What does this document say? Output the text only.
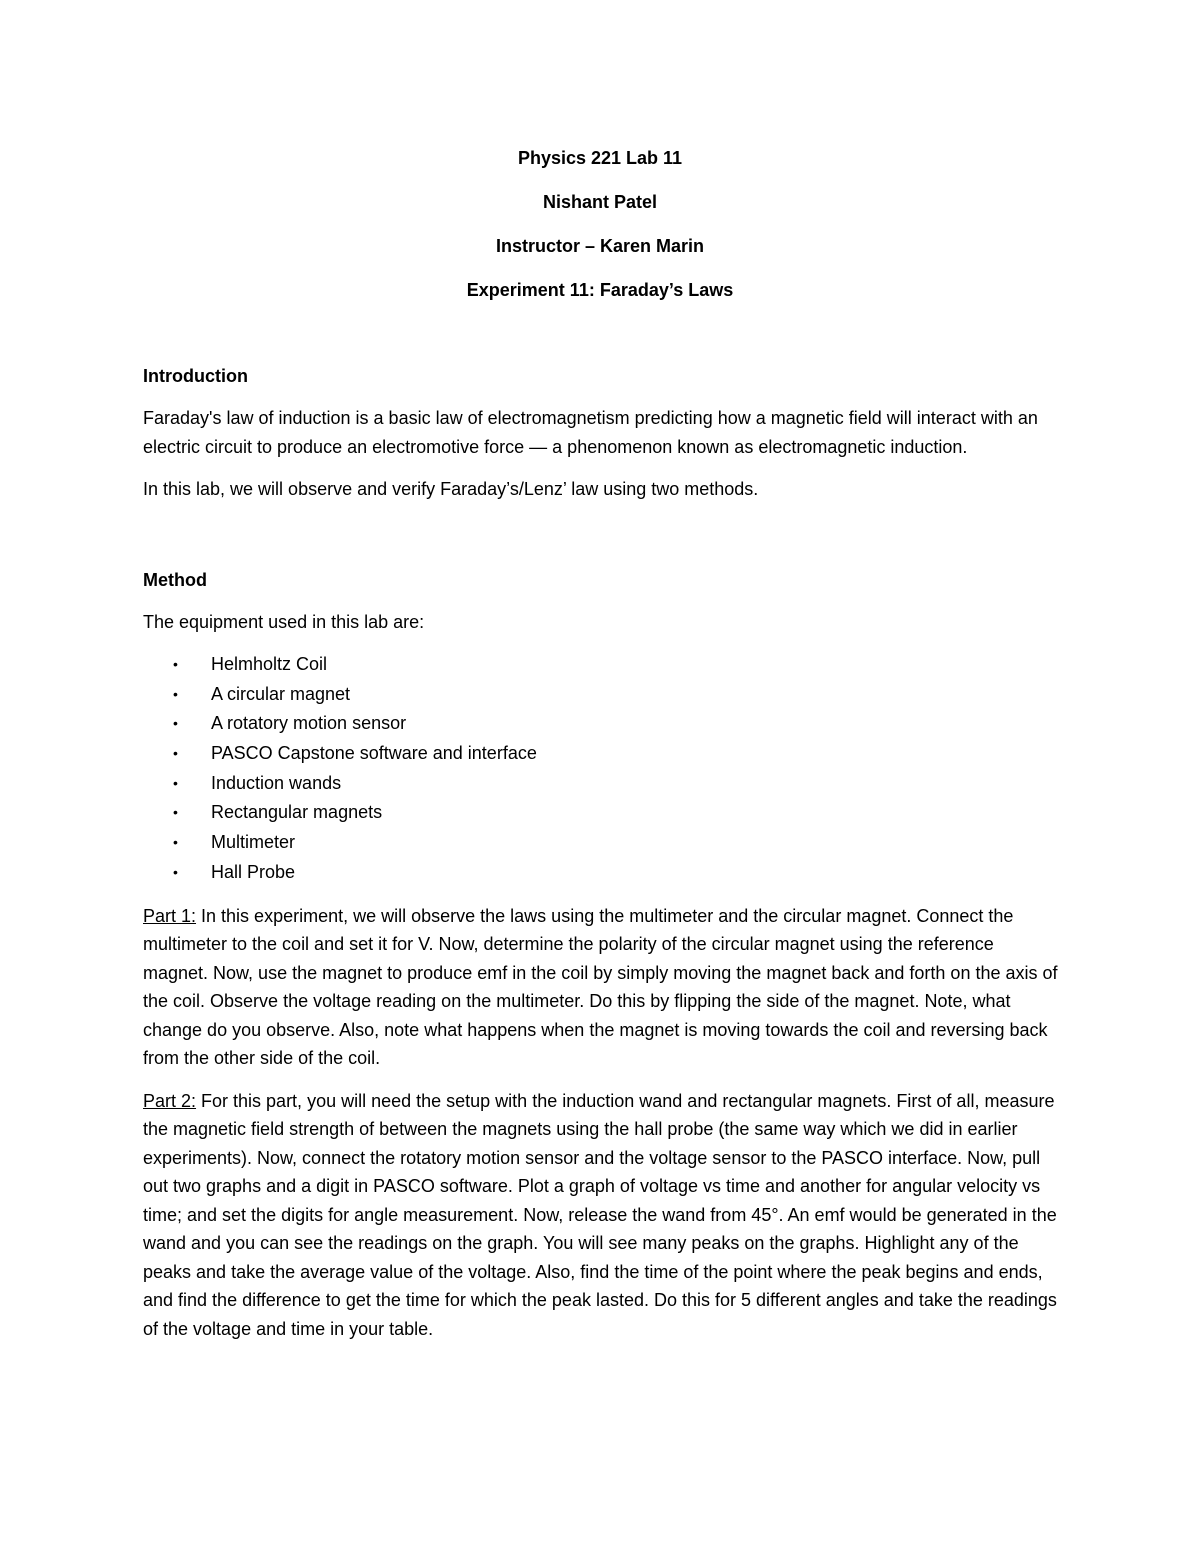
Physics 221 Lab 11
Nishant Patel
Instructor – Karen Marin
Experiment 11: Faraday’s Laws
Introduction

Faraday's law of induction is a basic law of electromagnetism predicting how a magnetic field will interact with an electric circuit to produce an electromotive force — a phenomenon known as electromagnetic induction.

In this lab, we will observe and verify Faraday’s/Lenz’ law using two methods.

Method

The equipment used in this lab are:

• Helmholtz Coil
• A circular magnet
• A rotatory motion sensor
• PASCO Capstone software and interface
• Induction wands
• Rectangular magnets
• Multimeter
• Hall Probe

Part 1: In this experiment, we will observe the laws using the multimeter and the circular magnet. Connect the multimeter to the coil and set it for V. Now, determine the polarity of the circular magnet using the reference magnet. Now, use the magnet to produce emf in the coil by simply moving the magnet back and forth on the axis of the coil. Observe the voltage reading on the multimeter. Do this by flipping the side of the magnet. Note, what change do you observe. Also, note what happens when the magnet is moving towards the coil and reversing back from the other side of the coil.

Part 2: For this part, you will need the setup with the induction wand and rectangular magnets. First of all, measure the magnetic field strength of between the magnets using the hall probe (the same way which we did in earlier experiments). Now, connect the rotatory motion sensor and the voltage sensor to the PASCO interface. Now, pull out two graphs and a digit in PASCO software. Plot a graph of voltage vs time and another for angular velocity vs time; and set the digits for angle measurement. Now, release the wand from 45°. An emf would be generated in the wand and you can see the readings on the graph. You will see many peaks on the graphs. Highlight any of the peaks and take the average value of the voltage. Also, find the time of the point where the peak begins and ends, and find the difference to get the time for which the peak lasted. Do this for 5 different angles and take the readings of the voltage and time in your table.
